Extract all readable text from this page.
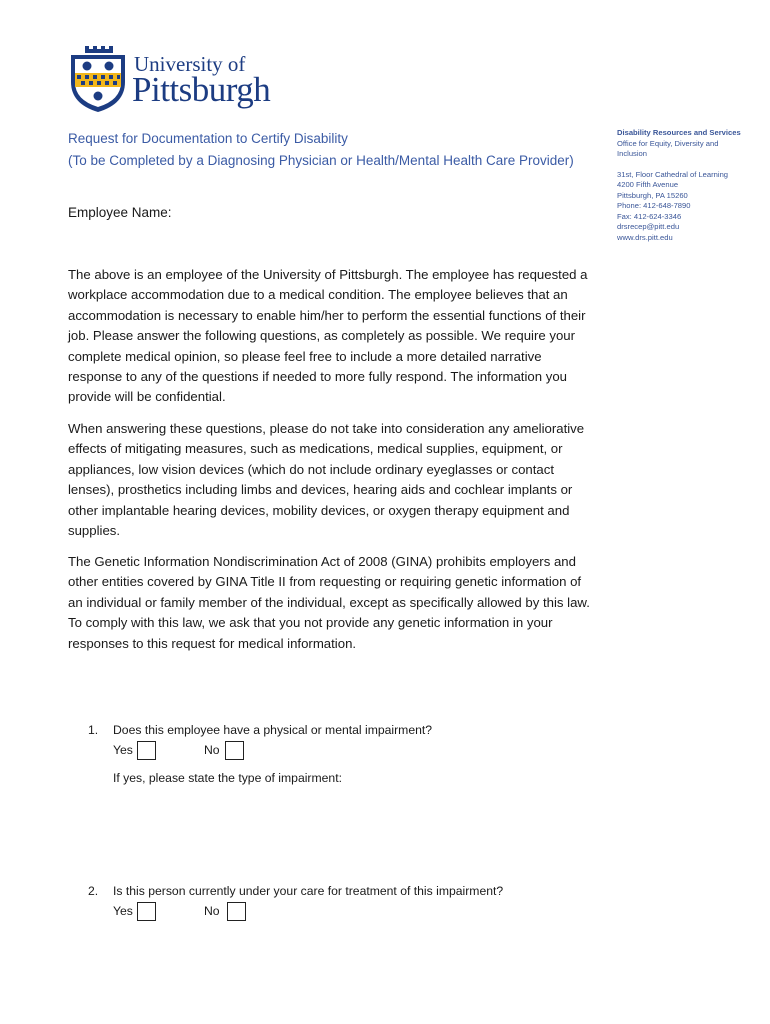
University of
Pittsburgh
Request for Documentation to Certify Disability
(To be Completed by a Diagnosing Physician or Health/Mental Health Care Provider)
Disability Resources and Services
Office for Equity, Diversity and
Inclusion
31st, Floor Cathedral of Learning
4200 Fifth Avenue
Pittsburgh, PA 15260
Phone: 412-648-7890
Fax: 412-624-3346
drsrecep@pitt.edu
www.drs.pitt.edu
Employee Name:
The above is an employee of the University of Pittsburgh. The employee has requested a workplace accommodation due to a medical condition. The employee believes that an accommodation is necessary to enable him/her to perform the essential functions of their job. Please answer the following questions, as completely as possible. We require your complete medical opinion, so please feel free to include a more detailed narrative response to any of the questions if needed to more fully respond. The information you provide will be confidential.
When answering these questions, please do not take into consideration any ameliorative effects of mitigating measures, such as medications, medical supplies, equipment, or appliances, low vision devices (which do not include ordinary eyeglasses or contact lenses), prosthetics including limbs and devices, hearing aids and cochlear implants or other implantable hearing devices, mobility devices, or oxygen therapy equipment and supplies.
The Genetic Information Nondiscrimination Act of 2008 (GINA) prohibits employers and other entities covered by GINA Title II from requesting or requiring genetic information of an individual or family member of the individual, except as specifically allowed by this law. To comply with this law, we ask that you not provide any genetic information in your responses to this request for medical information.
1. Does this employee have a physical or mental impairment?
Yes	No
If yes, please state the type of impairment:
2. Is this person currently under your care for treatment of this impairment?
Yes	No
